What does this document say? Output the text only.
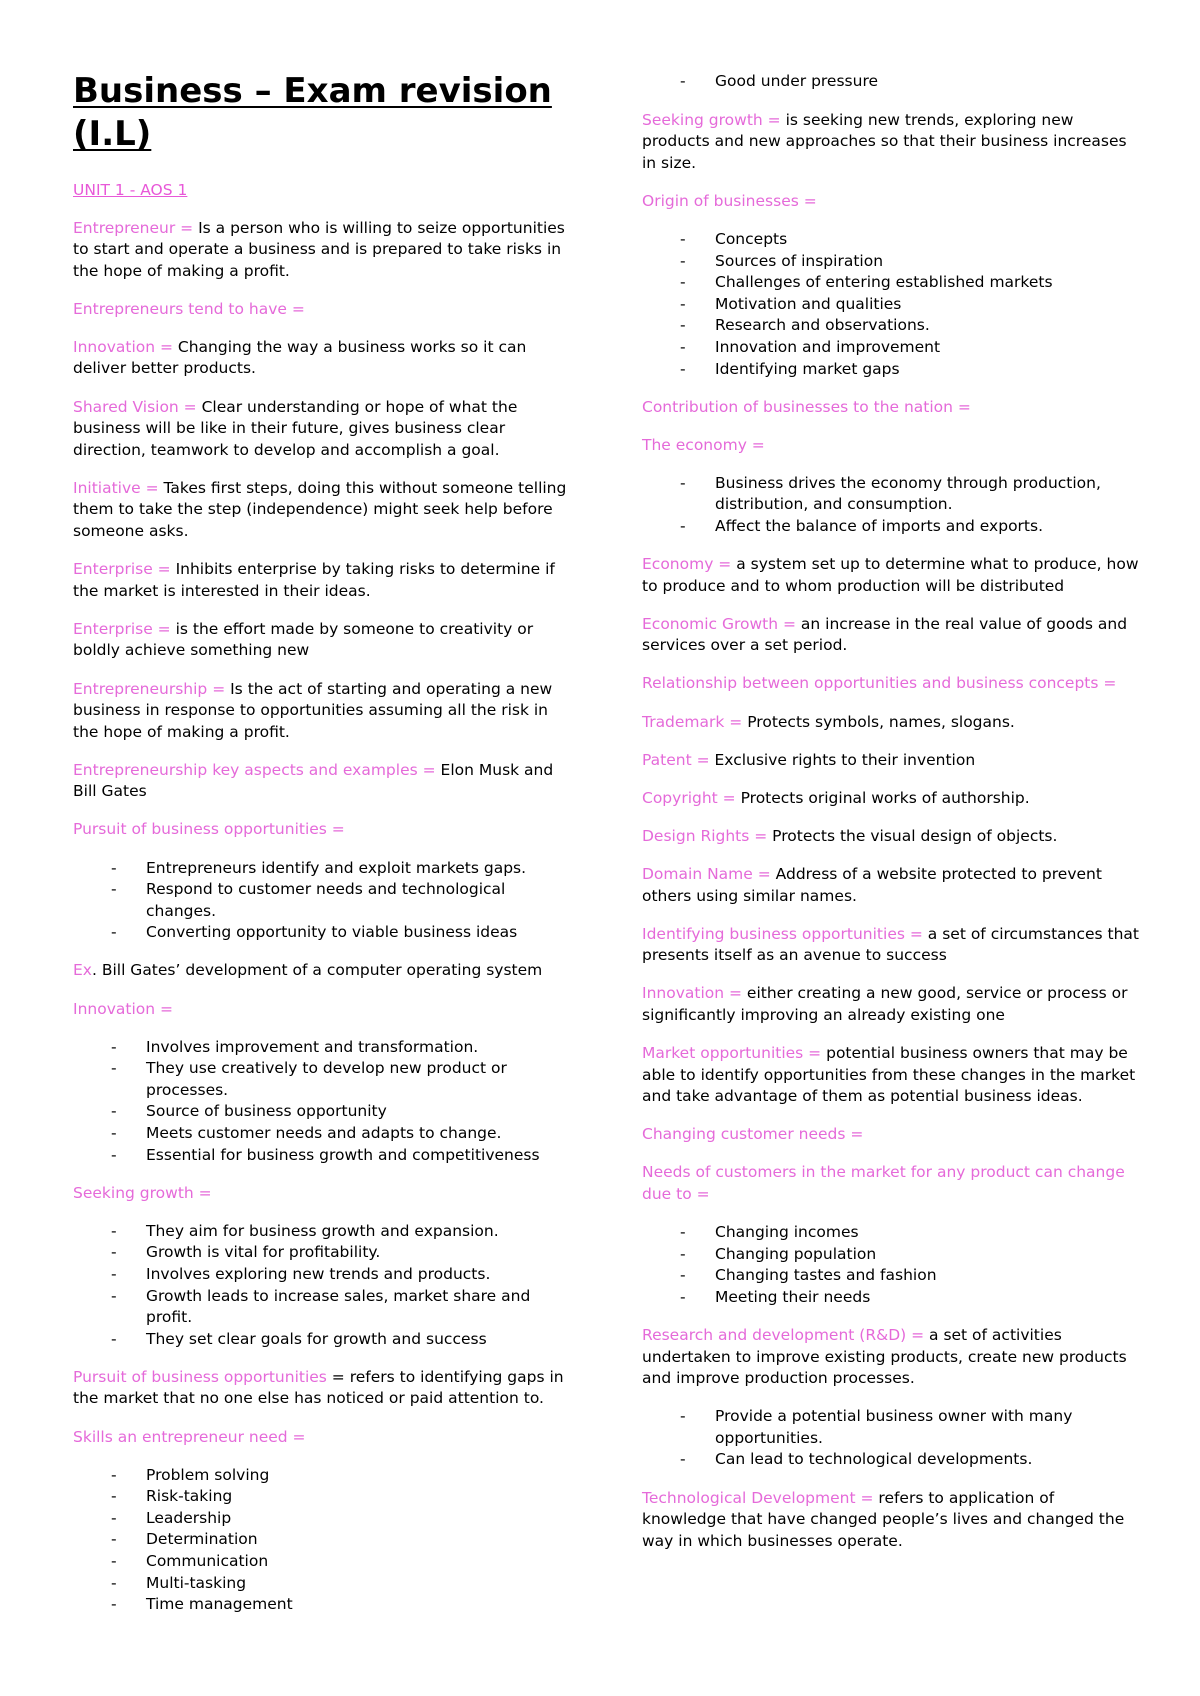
Business – Exam revision (I.L)
UNIT 1 - AOS 1

Entrepreneur = Is a person who is willing to seize opportunities to start and operate a business and is prepared to take risks in the hope of making a profit.

Entrepreneurs tend to have =

Innovation = Changing the way a business works so it can deliver better products.

Shared Vision = Clear understanding or hope of what the business will be like in their future, gives business clear direction, teamwork to develop and accomplish a goal.

Initiative = Takes first steps, doing this without someone telling them to take the step (independence) might seek help before someone asks.

Enterprise = Inhibits enterprise by taking risks to determine if the market is interested in their ideas.

Enterprise = is the effort made by someone to creativity or boldly achieve something new

Entrepreneurship = Is the act of starting and operating a new business in response to opportunities assuming all the risk in the hope of making a profit.

Entrepreneurship key aspects and examples = Elon Musk and Bill Gates

Pursuit of business opportunities =

- Entrepreneurs identify and exploit markets gaps.
- Respond to customer needs and technological changes.
- Converting opportunity to viable business ideas

Ex. Bill Gates’ development of a computer operating system

Innovation =

- Involves improvement and transformation.
- They use creatively to develop new product or processes.
- Source of business opportunity
- Meets customer needs and adapts to change.
- Essential for business growth and competitiveness

Seeking growth =

- They aim for business growth and expansion.
- Growth is vital for profitability.
- Involves exploring new trends and products.
- Growth leads to increase sales, market share and profit.
- They set clear goals for growth and success

Pursuit of business opportunities = refers to identifying gaps in the market that no one else has noticed or paid attention to.

Skills an entrepreneur need =

- Problem solving
- Risk-taking
- Leadership
- Determination
- Communication
- Multi-tasking
- Time management
- Good under pressure

Seeking growth = is seeking new trends, exploring new products and new approaches so that their business increases in size.

Origin of businesses =

- Concepts
- Sources of inspiration
- Challenges of entering established markets
- Motivation and qualities
- Research and observations.
- Innovation and improvement
- Identifying market gaps

Contribution of businesses to the nation =

The economy =

- Business drives the economy through production, distribution, and consumption.
- Affect the balance of imports and exports.

Economy = a system set up to determine what to produce, how to produce and to whom production will be distributed

Economic Growth = an increase in the real value of goods and services over a set period.

Relationship between opportunities and business concepts =

Trademark = Protects symbols, names, slogans.

Patent = Exclusive rights to their invention

Copyright = Protects original works of authorship.

Design Rights = Protects the visual design of objects.

Domain Name = Address of a website protected to prevent others using similar names.

Identifying business opportunities = a set of circumstances that presents itself as an avenue to success

Innovation = either creating a new good, service or process or significantly improving an already existing one

Market opportunities = potential business owners that may be able to identify opportunities from these changes in the market and take advantage of them as potential business ideas.

Changing customer needs =

Needs of customers in the market for any product can change due to =

- Changing incomes
- Changing population
- Changing tastes and fashion
- Meeting their needs

Research and development (R&D) = a set of activities undertaken to improve existing products, create new products and improve production processes.

- Provide a potential business owner with many opportunities.
- Can lead to technological developments.

Technological Development = refers to application of knowledge that have changed people’s lives and changed the way in which businesses operate.
